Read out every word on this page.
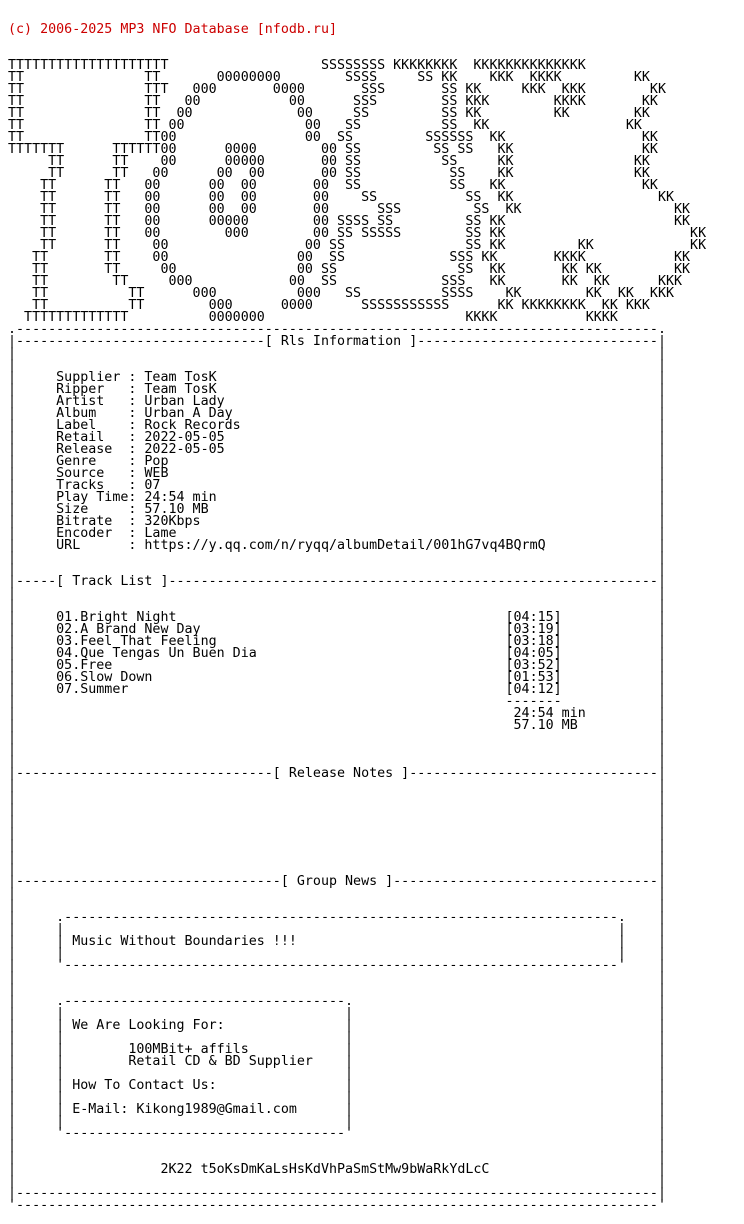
(c) 2006-2025 MP3 NFO Database [nfodb.ru]

TTTTTTTTTTTTTTTTTTTT                   SSSSSSSS KKKKKKKK  KKKKKKKKKKKKKK
TT               TT       00000000        SSSS     SS KK    KKK  KKKK         KK
TT               TTT   000       0000       SSS       SS KK     KKK  KKK        KK
TT               TT   00           00      SSS        SS KKK        KKKK       KK
TT               TT  00             00     SS         SS KK         KK        KK
TT               TT 00               00   SS          SS  KK                 KK
TT               TT00                00  SS         SSSSSS  KK                 KK
TTTTTTT      TTTTTT00      0000        00 SS         SS SS   KK                KK
TT      TT    00      00000       00 SS          SS     KK               KK
TT      TT   00      00  00       00 SS           SS    KK               KK
TT      TT   00      00  00       00  SS           SS   KK                 KK
TT      TT   00      00  00       00    SS           SS  KK                  KK
TT      TT   00      00  00       00      SSS         SS  KK                   KK
TT      TT   00      00000        00 SSSS SS         SS KK                     KK
TT      TT   00        000        00 SS SSSSS        SS KK                       KK
TT      TT    00                 00 SS               SS KK         KK            KK
TT       TT    00                00  SS             SSS KK       KKKK           KK
TT       TT     00               00 SS               SS  KK       KK KK         KK
TT        TT     000            00  SS             SSS   KK       KK  KK      KKK
TT          TT      000          000   SS          SSSS    KK        KK  KK  KKK
TT          TT        000      0000      SSSSSSSSSSS      KK KKKKKKKK  KK KKK
TTTTTTTTTTTTT          0000000                         KKKK           KKKK
.--------------------------------------------------------------------------------.
|-------------------------------[ Rls Information ]------------------------------|
|                                                                                |
|                                                                                |
|     Supplier : Team TosK                                                       |
|     Ripper   : Team TosK                                                       |
|     Artist   : Urban Lady                                                      |
|     Album    : Urban A Day                                                     |
|     Label    : Rock Records                                                    |
|     Retail   : 2022-05-05                                                      |
|     Release  : 2022-05-05                                                      |
|     Genre    : Pop                                                             |
|     Source   : WEB                                                             |
|     Tracks   : 07                                                              |
|     Play Time: 24:54 min                                                       |
|     Size     : 57.10 MB                                                        |
|     Bitrate  : 320Kbps                                                         |
|     Encoder  : Lame                                                            |
|     URL      : https://y.qq.com/n/ryqq/albumDetail/001hG7vq4BQrmQ              |
|                                                                                |
|                                                                                |
|-----[ Track List ]-------------------------------------------------------------|
|                                                                                |
|                                                                                |
|     01.Bright Night                                         [04:15]            |
|     02.A Brand New Day                                      [03:19]            |
|     03.Feel That Feeling                                    [03:18]            |
|     04.Que Tengas Un Buen Dia                               [04:05]            |
|     05.Free                                                 [03:52]            |
|     06.Slow Down                                            [01:53]            |
|     07.Summer                                               [04:12]            |
|                                                             -------            |
|                                                              24:54 min         |
|                                                              57.10 MB          |
|                                                                                |
|                                                                                |
|                                                                                |
|--------------------------------[ Release Notes ]-------------------------------|
|                                                                                |
|                                                                                |
|                                                                                |
|                                                                                |
|                                                                                |
|                                                                                |
|                                                                                |
|                                                                                |
|---------------------------------[ Group News ]---------------------------------|
|                                                                                |
|                                                                                |
|     .---------------------------------------------------------------------.    |
|     |                                                                     |    |
|     | Music Without Boundaries !!!                                        |    |
|     |                                                                     |    |
|     '---------------------------------------------------------------------'    |
|                                                                                |
|                                                                                |
|     .-----------------------------------.                                      |
|     |                                   |                                      |
|     | We Are Looking For:               |                                      |
|     |                                   |                                      |
|     |        100MBit+ affils            |                                      |
|     |        Retail CD & BD Supplier    |                                      |
|     |                                   |                                      |
|     | How To Contact Us:                |                                      |
|     |                                   |                                      |
|     | E-Mail: Kikong1989@Gmail.com      |                                      |
|     |                                   |                                      |
|     '-----------------------------------'                                      |
|                                                                                |
|                                                                                |
|                  2K22 t5oKsDmKaLsHsKdVhPaSmStMw9bWaRkYdLcC                     |
|                                                                                |
|--------------------------------------------------------------------------------|
'--------------------------------------------------------------------------------'
